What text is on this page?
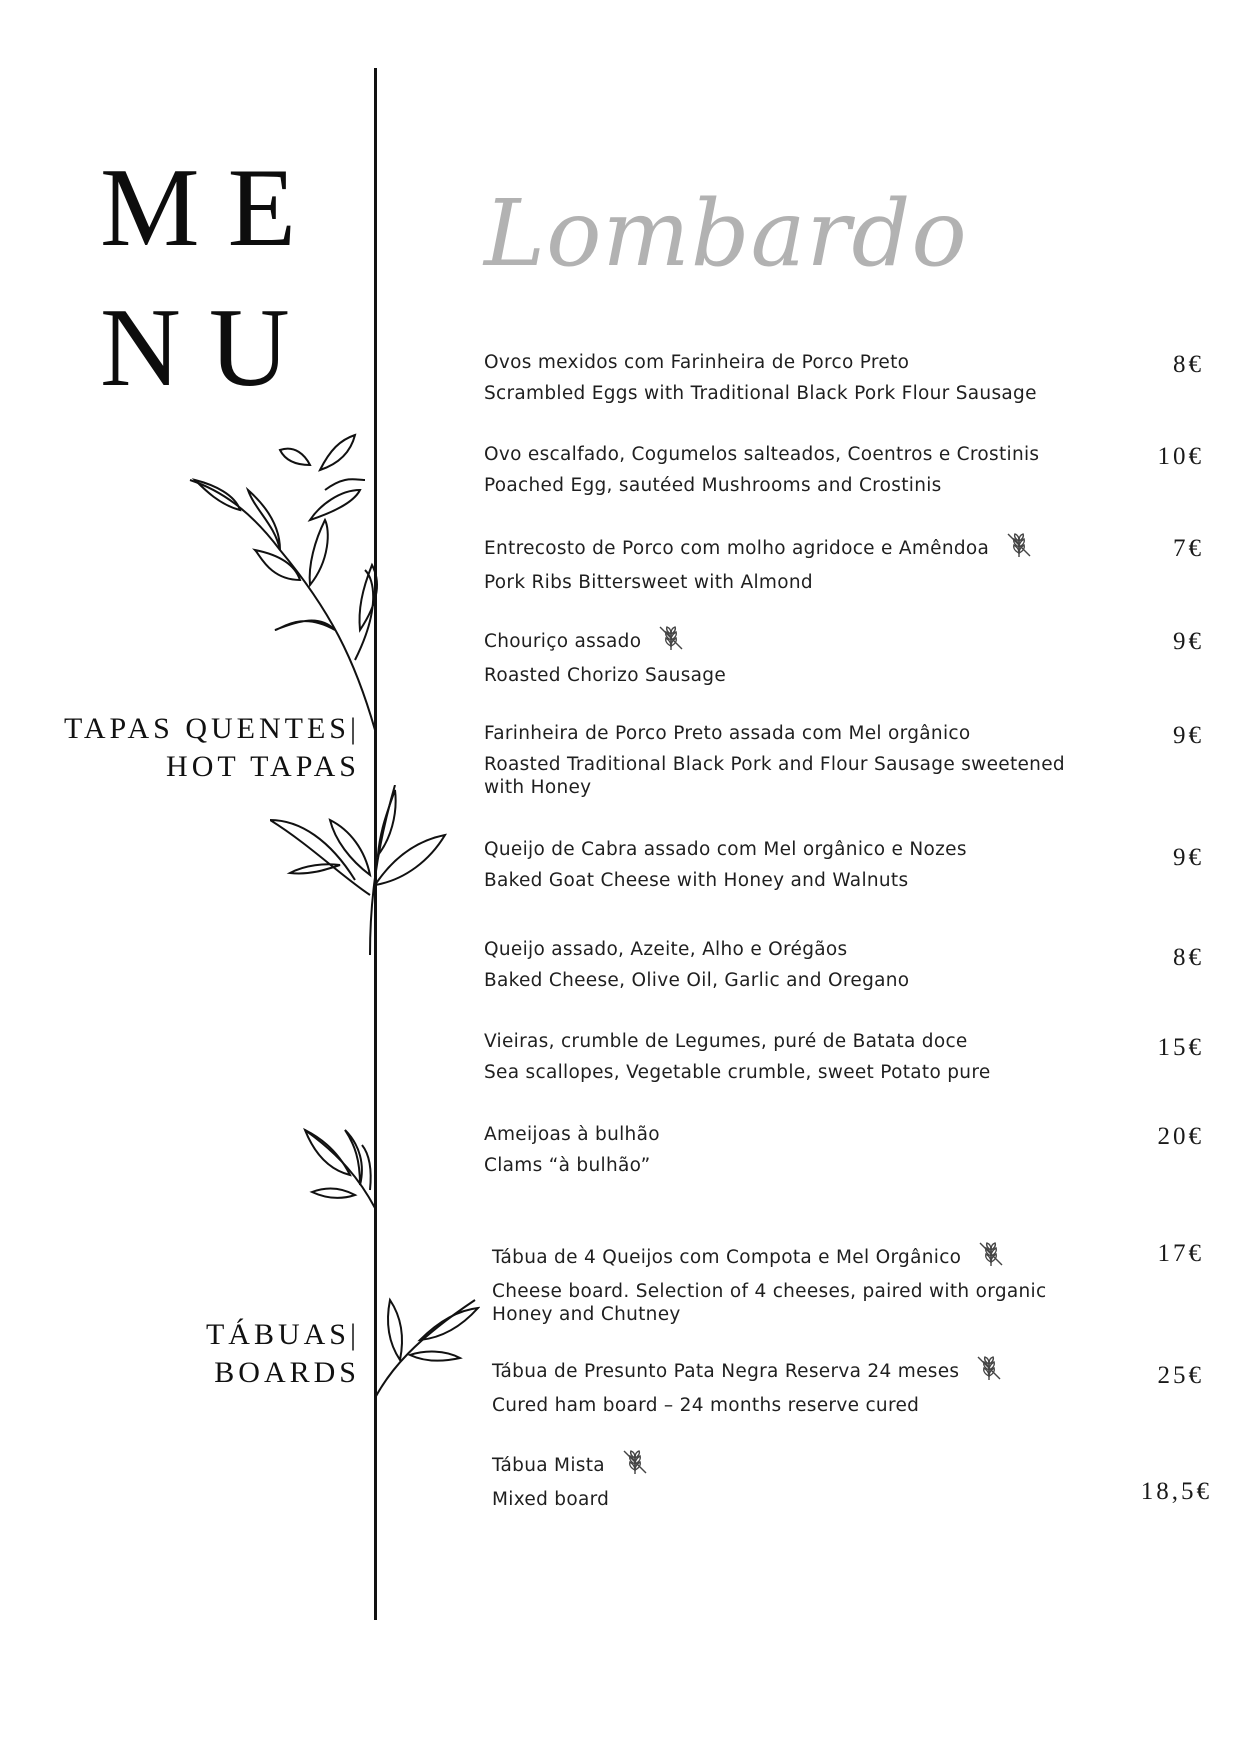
ME
NU
Lombardo
TAPAS QUENTES|
HOT TAPAS
TÁBUAS|
BOARDS
Ovos mexidos com Farinheira de Porco Preto
Scrambled Eggs with Traditional Black Pork Flour Sausage
8€
Ovo escalfado, Cogumelos salteados, Coentros e Crostinis
Poached Egg, sautéed Mushrooms and Crostinis
10€
Entrecosto de Porco com molho agridoce e Amêndoa
Pork Ribs Bittersweet with Almond
7€
Chouriço assado
Roasted Chorizo Sausage
9€
Farinheira de Porco Preto assada com Mel orgânico
Roasted Traditional Black Pork and Flour Sausage sweetened with Honey
9€
Queijo de Cabra assado com Mel orgânico e Nozes
Baked Goat Cheese with Honey and Walnuts
9€
Queijo assado, Azeite, Alho e Orégãos
Baked Cheese, Olive Oil, Garlic and Oregano
8€
Vieiras, crumble de Legumes, puré de Batata doce
Sea scallopes, Vegetable crumble, sweet Potato pure
15€
Ameijoas à bulhão
Clams “à bulhão”
20€
Tábua de 4 Queijos com Compota e Mel Orgânico
Cheese board. Selection of 4 cheeses, paired with organic Honey and Chutney
17€
Tábua de Presunto Pata Negra Reserva 24 meses
Cured ham board – 24 months reserve cured
25€
Tábua Mista
Mixed board	18,5€
